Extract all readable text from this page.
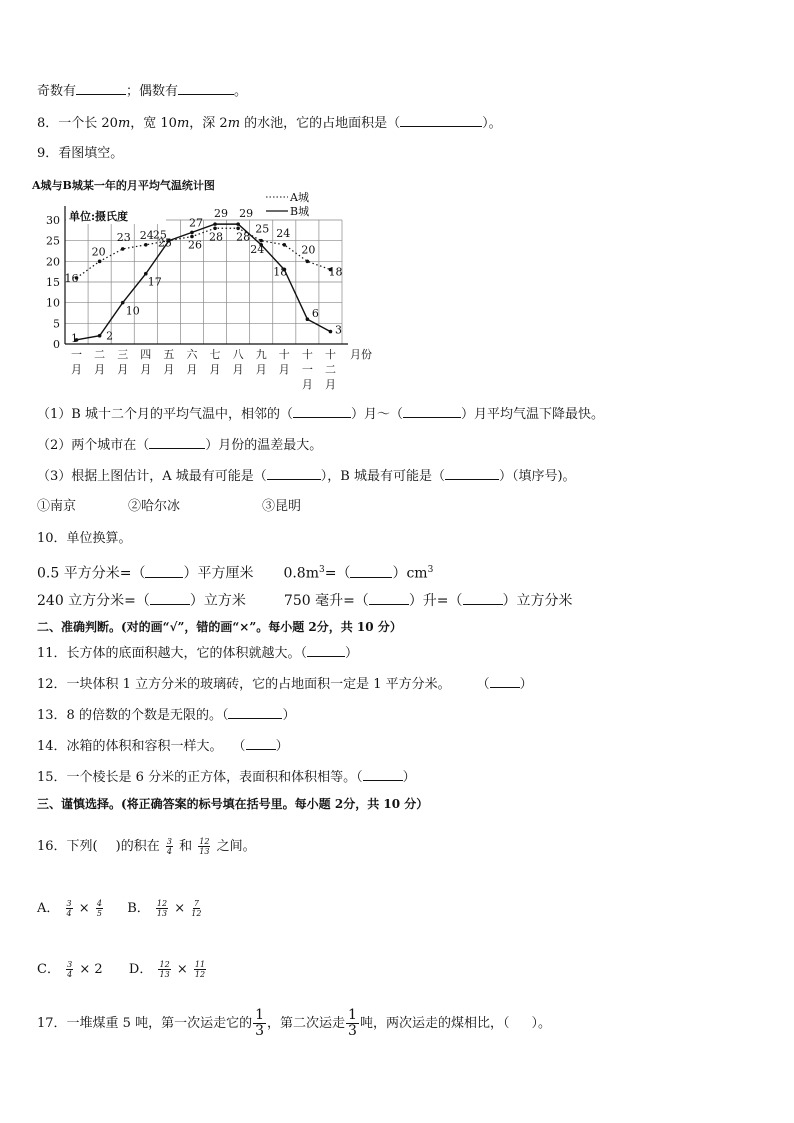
奇数有	；偶数有	。
8．一个长 20m，宽 10m，深 2m 的水池，它的占地面积是（	）。
9．看图填空。
A城与B城某一年的月平均气温统计图
单位:摄氏度
0
5
10
15
20
25
30
一
月
二
月
三
月
四
月
五
月
六
月
七
月
八
月
九
月
十
月
十
一
月
十
二
月
月份
A城
B城
16
20
23 24 25
26
28 28
25 24
20
18
1	2
10
17
25
27
29 29
24
18
6
3
（1）B 城十二个月的平均气温中，相邻的（	）月～（	）月平均气温下降最快。
（2）两个城市在（	）月份的温差最大。
（3）根据上图估计，A 城最有可能是（	），B 城最有可能是（	）（填序号)。
①南京	②哈尔冰	③昆明
10．单位换算。
0.5 平方分米=（	）平方厘米 $0.8m^3=$（	）$cm^3$
240 立方分米=（	）立方米	750 毫升=（	）升=（	）立方分米
二、准确判断。(对的画“√”，错的画“×”。每小题 2分，共 10 分）
11．长方体的底面积越大，它的体积就越大。（	）
12．一块体积 1 立方分米的玻璃砖，它的占地面积一定是 1 平方分米。 （ ）
13．8 的倍数的个数是无限的。（	）
14．冰箱的体积和容积一样大。 （ ）
15．一个棱长是 6 分米的正方体，表面积和体积相等。（	）
三、谨慎选择。(将正确答案的标号填在括号里。每小题 2分，共 10 分）
16．下列( )的积在 $\frac{3}{4}$ 和 $\frac{12}{13}$ 之间。
A． $\frac{3}{4} \times \frac{4}{5}$ B． $\frac{12}{13} \times \frac{7}{12}$
C． $\frac{3}{4} \times 2$ D． $\frac{12}{13} \times \frac{11}{12}$
17．一堆煤重 5 吨，第一次运走它的 $\frac{1}{3}$ ，第二次运走 $\frac{1}{3}$ 吨，两次运走的煤相比，（ ）。
